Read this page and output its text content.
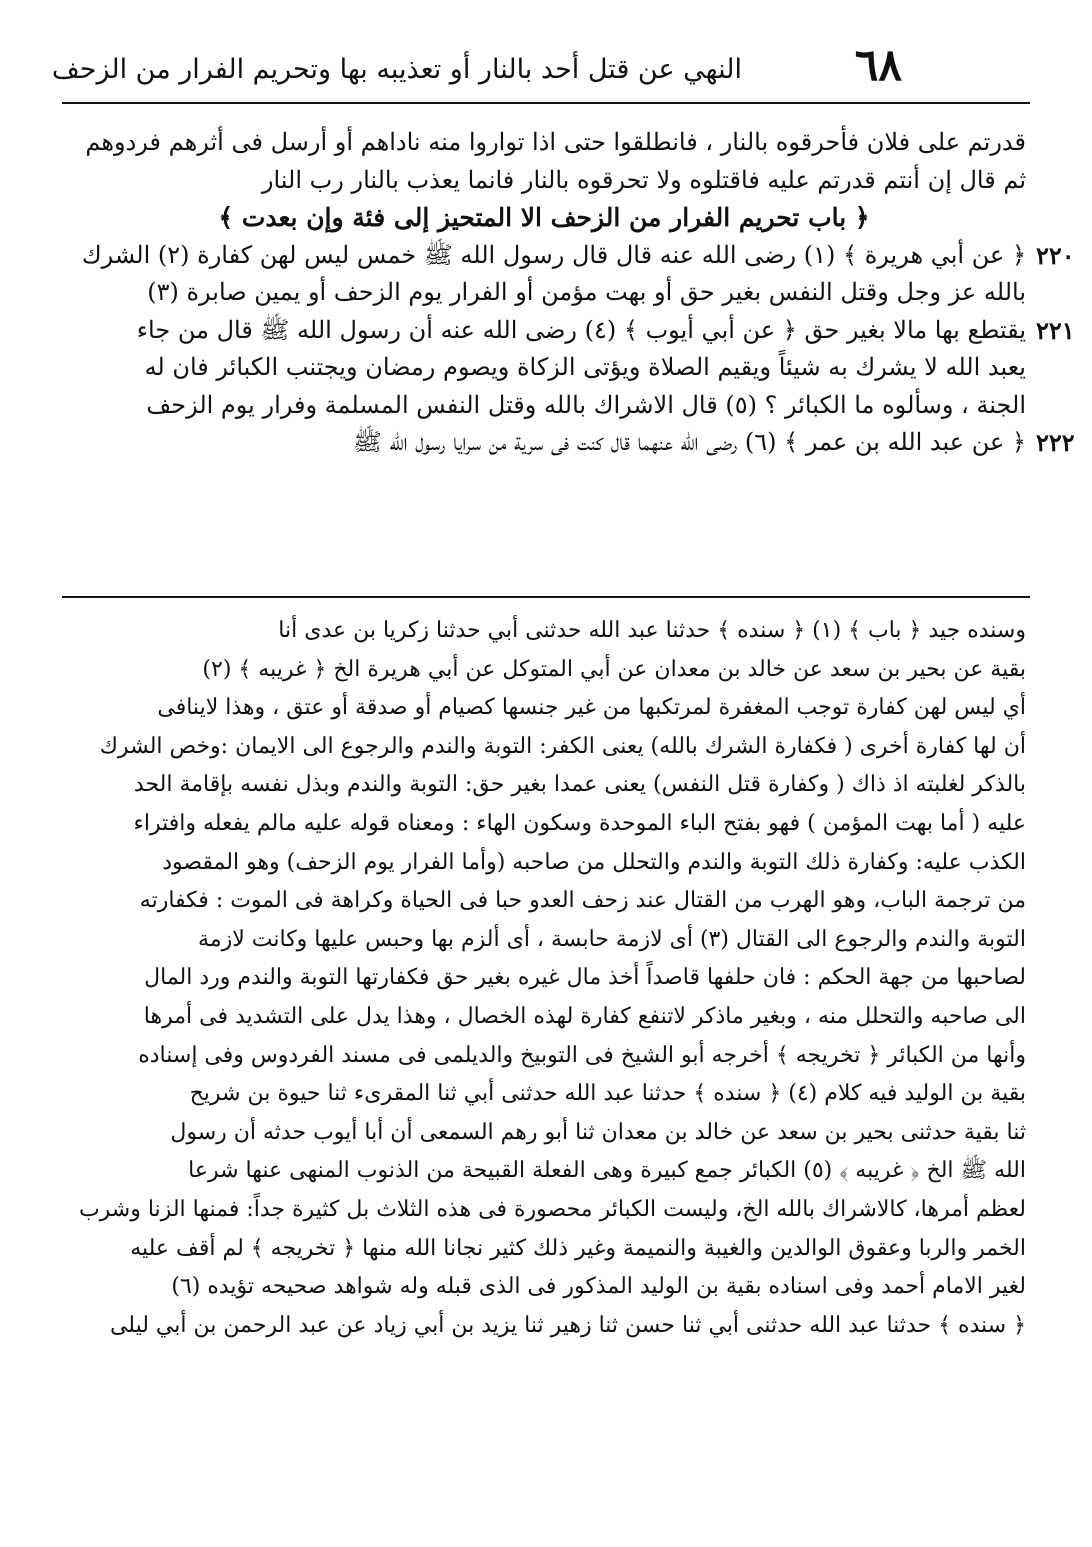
٦٨
النهي عن قتل أحد بالنار أو تعذيبه بها وتحريم الفرار من الزحف
قدرتم على فلان فأحرقوه بالنار ، فانطلقوا حتى اذا تواروا منه ناداهم أو أرسل فى أثرهم فردوهم
ثم قال إن أنتم قدرتم عليه فاقتلوه ولا تحرقوه بالنار فانما يعذب بالنار رب النار
﴿ باب تحريم الفرار من الزحف الا المتحيز إلى فئة وإن بعدت ﴾
٢٢٠
﴿ عن أبي هريرة ﴾ (١) رضى الله عنه قال قال رسول الله ﷺ خمس ليس لهن كفارة (٢) الشرك
بالله عز وجل وقتل النفس بغير حق أو بهت مؤمن أو الفرار يوم الزحف أو يمين صابرة (٣)
٢٢١
يقتطع بها مالا بغير حق ﴿ عن أبي أيوب ﴾ (٤) رضى الله عنه أن رسول الله ﷺ قال من جاء
يعبد الله لا يشرك به شيئاً ويقيم الصلاة ويؤتى الزكاة ويصوم رمضان ويجتنب الكبائر فان له
الجنة ، وسألوه ما الكبائر ؟ (٥) قال الاشراك بالله وقتل النفس المسلمة وفرار يوم الزحف
٢٢٢
﴿ عن عبد الله بن عمر ﴾ (٦) رضى الله عنهما قال كنت فى سرية من سرايا رسول الله ﷺ
وسنده جيد ﴿ باب ﴾ (١) ﴿ سنده ﴾ حدثنا عبد الله حدثنى أبي حدثنا زكريا بن عدى أنا
بقية عن بحير بن سعد عن خالد بن معدان عن أبي المتوكل عن أبي هريرة الخ ﴿ غريبه ﴾ (٢)
أي ليس لهن كفارة توجب المغفرة لمرتكبها من غير جنسها كصيام أو صدقة أو عتق ، وهذا لاينافى
أن لها كفارة أخرى ( فكفارة الشرك بالله) يعنى الكفر: التوبة والندم والرجوع الى الايمان :وخص الشرك
بالذكر لغلبته اذ ذاك ( وكفارة قتل النفس) يعنى عمدا بغير حق: التوبة والندم وبذل نفسه بإقامة الحد
عليه ( أما بهت المؤمن ) فهو بفتح الباء الموحدة وسكون الهاء : ومعناه قوله عليه مالم يفعله وافتراء
الكذب عليه: وكفارة ذلك التوبة والندم والتحلل من صاحبه (وأما الفرار يوم الزحف) وهو المقصود
من ترجمة الباب، وهو الهرب من القتال عند زحف العدو حبا فى الحياة وكراهة فى الموت : فكفارته
التوبة والندم والرجوع الى القتال (٣) أى لازمة حابسة ، أى ألزم بها وحبس عليها وكانت لازمة
لصاحبها من جهة الحكم : فان حلفها قاصداً أخذ مال غيره بغير حق فكفارتها التوبة والندم ورد المال
الى صاحبه والتحلل منه ، وبغير ماذكر لاتنفع كفارة لهذه الخصال ، وهذا يدل على التشديد فى أمرها
وأنها من الكبائر ﴿ تخريجه ﴾ أخرجه أبو الشيخ فى التوبيخ والديلمى فى مسند الفردوس وفى إسناده
بقية بن الوليد فيه كلام (٤) ﴿ سنده ﴾ حدثنا عبد الله حدثنى أبي ثنا المقرىء ثنا حيوة بن شريح
ثنا بقية حدثنى بحير بن سعد عن خالد بن معدان ثنا أبو رهم السمعى أن أبا أيوب حدثه أن رسول
الله ﷺ الخ ﴿ غريبه ﴾ (٥) الكبائر جمع كبيرة وهى الفعلة القبيحة من الذنوب المنهى عنها شرعا
لعظم أمرها، كالاشراك بالله الخ، وليست الكبائر محصورة فى هذه الثلاث بل كثيرة جداً: فمنها الزنا وشرب
الخمر والربا وعقوق الوالدين والغيبة والنميمة وغير ذلك كثير نجانا الله منها ﴿ تخريجه ﴾ لم أقف عليه
لغير الامام أحمد وفى اسناده بقية بن الوليد المذكور فى الذى قبله وله شواهد صحيحه تؤيده (٦)
﴿ سنده ﴾ حدثنا عبد الله حدثنى أبي ثنا حسن ثنا زهير ثنا يزيد بن أبي زياد عن عبد الرحمن بن أبي ليلى
